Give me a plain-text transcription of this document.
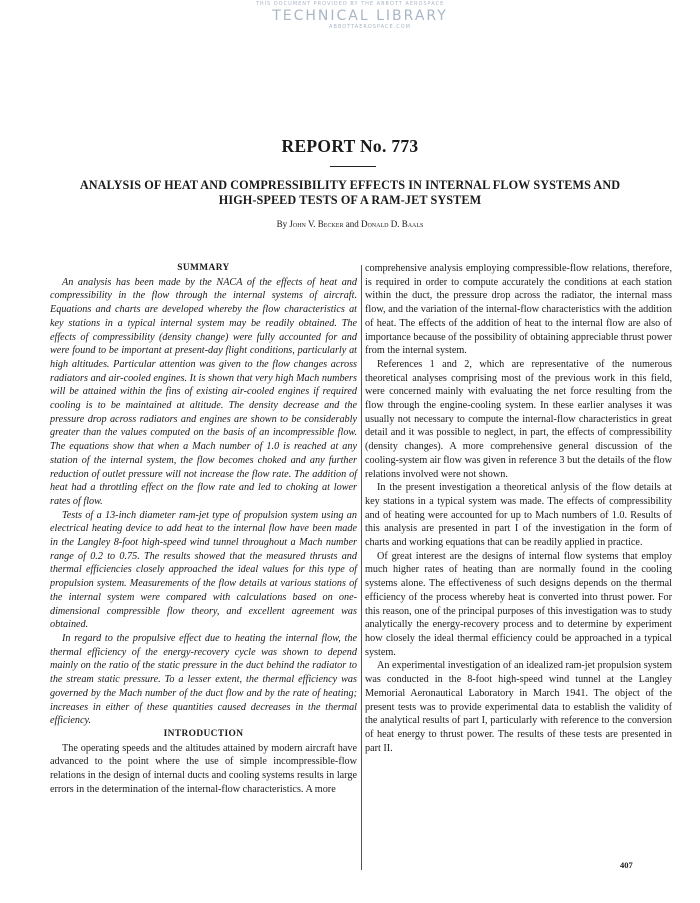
THIS DOCUMENT PROVIDED BY THE ABBOTT AEROSPACE
TECHNICAL LIBRARY
ABBOTTAEROSPACE.COM
REPORT No. 773
ANALYSIS OF HEAT AND COMPRESSIBILITY EFFECTS IN INTERNAL FLOW SYSTEMS AND
HIGH-SPEED TESTS OF A RAM-JET SYSTEM
By John V. Becker and Donald D. Baals
SUMMARY

An analysis has been made by the NACA of the effects of heat and compressibility in the flow through the internal systems of aircraft. Equations and charts are developed whereby the flow characteristics at key stations in a typical internal system may be readily obtained. The effects of compressibility (density change) were fully accounted for and were found to be important at present-day flight conditions, particularly at high altitudes. Particular attention was given to the flow changes across radiators and air-cooled engines. It is shown that very high Mach numbers will be attained within the fins of existing air-cooled engines if required cooling is to be maintained at altitude. The density decrease and the pressure drop across radiators and engines are shown to be considerably greater than the values computed on the basis of an incompressible flow. The equations show that when a Mach number of 1.0 is reached at any station of the internal system, the flow becomes choked and any further reduction of outlet pressure will not increase the flow rate. The addition of heat had a throttling effect on the flow rate and led to choking at lower rates of flow.

Tests of a 13-inch diameter ram-jet type of propulsion system using an electrical heating device to add heat to the internal flow have been made in the Langley 8-foot high-speed wind tunnel throughout a Mach number range of 0.2 to 0.75. The results showed that the measured thrusts and thermal efficiencies closely approached the ideal values for this type of propulsion system. Measurements of the flow details at various stations of the internal system were compared with calculations based on one-dimensional compressible flow theory, and excellent agreement was obtained.

In regard to the propulsive effect due to heating the internal flow, the thermal efficiency of the energy-recovery cycle was shown to depend mainly on the ratio of the static pressure in the duct behind the radiator to the stream static pressure. To a lesser extent, the thermal efficiency was governed by the Mach number of the duct flow and by the rate of heating; increases in either of these quantities caused decreases in the thermal efficiency.

INTRODUCTION

The operating speeds and the altitudes attained by modern aircraft have advanced to the point where the use of simple incompressible-flow relations in the design of internal ducts and cooling systems results in large errors in the determination of the internal-flow characteristics. A more

comprehensive analysis employing compressible-flow relations, therefore, is required in order to compute accurately the conditions at each station within the duct, the pressure drop across the radiator, the internal mass flow, and the variation of the internal-flow characteristics with the addition of heat. The effects of the addition of heat to the internal flow are also of importance because of the possibility of obtaining appreciable thrust power from the internal system.

References 1 and 2, which are representative of the numerous theoretical analyses comprising most of the previous work in this field, were concerned mainly with evaluating the net force resulting from the flow through the engine-cooling system. In these earlier analyses it was usually not necessary to compute the internal-flow characteristics in great detail and it was possible to neglect, in part, the effects of compressibility (density changes). A more comprehensive general discussion of the cooling-system air flow was given in reference 3 but the details of the flow relations involved were not shown.

In the present investigation a theoretical anlysis of the flow details at key stations in a typical system was made. The effects of compressibility and of heating were accounted for up to Mach numbers of 1.0. Results of this analysis are presented in part I of the investigation in the form of charts and working equations that can be readily applied in practice.

Of great interest are the designs of internal flow systems that employ much higher rates of heating than are normally found in the cooling systems alone. The effectiveness of such designs depends on the thermal efficiency of the process whereby heat is converted into thrust power. For this reason, one of the principal purposes of this investigation was to study analytically the energy-recovery process and to determine by experiment how closely the ideal thermal efficiency could be approached in a typical system.

An experimental investigation of an idealized ram-jet propulsion system was conducted in the 8-foot high-speed wind tunnel at the Langley Memorial Aeronautical Laboratory in March 1941. The object of the present tests was to provide experimental data to establish the validity of the analytical results of part I, particularly with reference to the conversion of heat energy to thrust power. The results of these tests are presented in part II.

407
